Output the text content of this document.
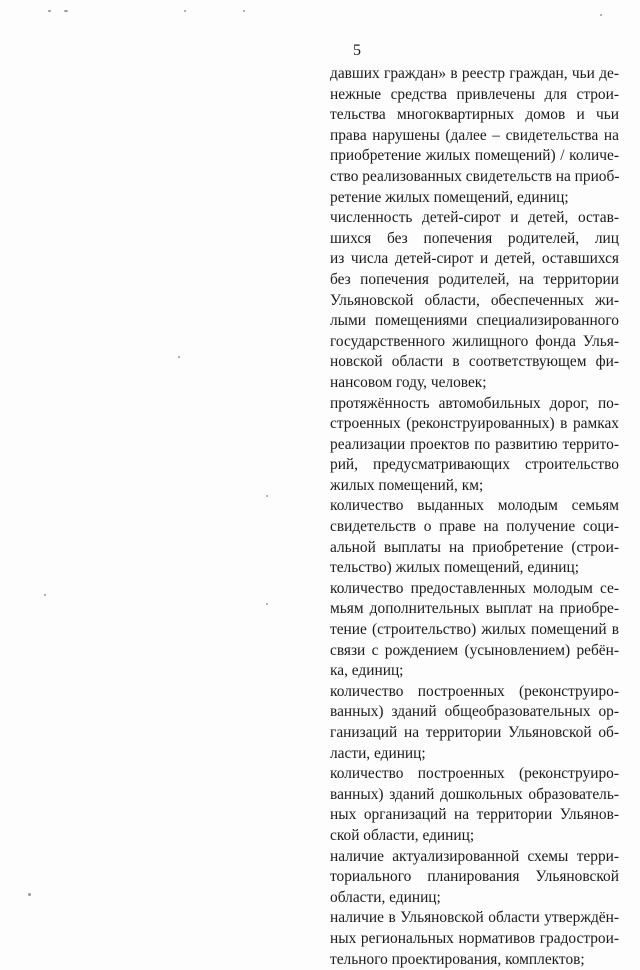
5
давших граждан» в реестр граждан, чьи де-
нежные средства привлечены для строи-
тельства многоквартирных домов и чьи
права нарушены (далее – свидетельства на
приобретение жилых помещений) / количе-
ство реализованных свидетельств на приоб-
ретение жилых помещений, единиц;
численность детей-сирот и детей, остав-
шихся без попечения родителей, лиц
из числа детей-сирот и детей, оставшихся
без попечения родителей, на территории
Ульяновской области, обеспеченных жи-
лыми помещениями специализированного
государственного жилищного фонда Улья-
новской области в соответствующем фи-
нансовом году, человек;
протяжённость автомобильных дорог, по-
строенных (реконструированных) в рамках
реализации проектов по развитию террито-
рий, предусматривающих строительство
жилых помещений, км;
количество выданных молодым семьям
свидетельств о праве на получение соци-
альной выплаты на приобретение (строи-
тельство) жилых помещений, единиц;
количество предоставленных молодым се-
мьям дополнительных выплат на приобре-
тение (строительство) жилых помещений в
связи с рождением (усыновлением) ребён-
ка, единиц;
количество построенных (реконструиро-
ванных) зданий общеобразовательных ор-
ганизаций на территории Ульяновской об-
ласти, единиц;
количество построенных (реконструиро-
ванных) зданий дошкольных образователь-
ных организаций на территории Ульянов-
ской области, единиц;
наличие актуализированной схемы терри-
ториального планирования Ульяновской
области, единиц;
наличие в Ульяновской области утверждён-
ных региональных нормативов градострои-
тельного проектирования, комплектов;
